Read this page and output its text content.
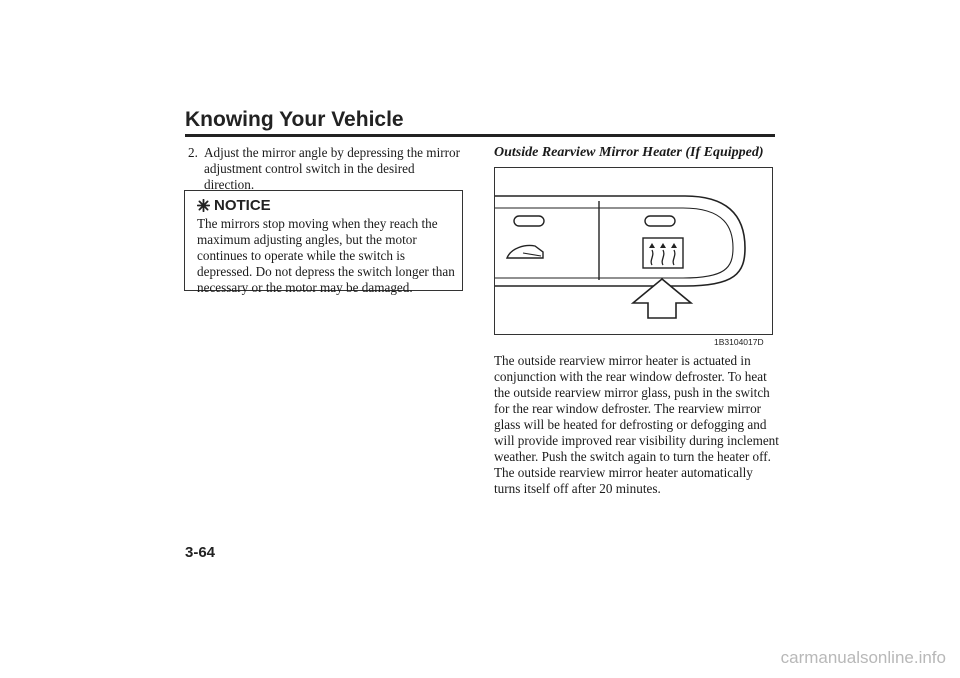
Knowing Your Vehicle
2. Adjust the mirror angle by depressing the mirror adjustment control switch in the desired direction.
NOTICE
The mirrors stop moving when they reach the maximum adjusting angles, but the motor continues to operate while the switch is depressed. Do not depress the switch longer than necessary or the motor may be damaged.
Outside Rearview Mirror Heater (If Equipped)
1B3104017D
The outside rearview mirror heater is actuated in conjunction with the rear window defroster. To heat the outside rearview mirror glass, push in the switch for the rear window defroster. The rearview mirror glass will be heated for defrosting or defogging and will provide improved rear visibility during inclement weather. Push the switch again to turn the heater off. The outside rearview mirror heater automatically turns itself off after 20 minutes.
3-64
carmanualsonline.info
